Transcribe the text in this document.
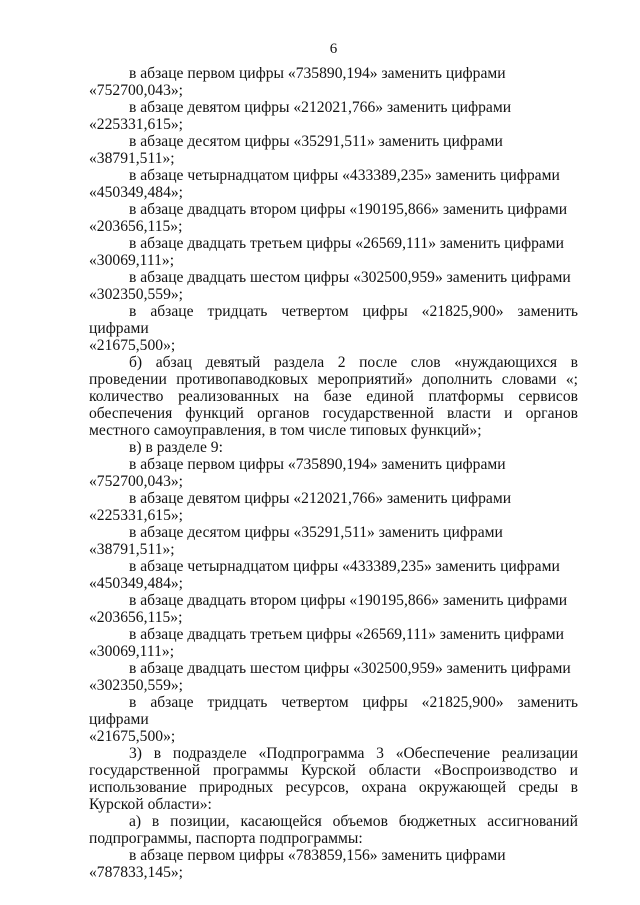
6

в абзаце первом цифры «735890,194» заменить цифрами
«752700,043»;

в абзаце девятом цифры «212021,766» заменить цифрами
«225331,615»;

в абзаце десятом цифры «35291,511» заменить цифрами «38791,511»;

в абзаце четырнадцатом цифры «433389,235» заменить цифрами
«450349,484»;

в абзаце двадцать втором цифры «190195,866» заменить цифрами
«203656,115»;

в абзаце двадцать третьем цифры «26569,111» заменить цифрами
«30069,111»;

в абзаце двадцать шестом цифры «302500,959» заменить цифрами
«302350,559»;

в абзаце тридцать четвертом цифры «21825,900» заменить цифрами
«21675,500»;

б) абзац девятый раздела 2 после слов «нуждающихся в проведении противопаводковых мероприятий» дополнить словами «; количество реализованных на базе единой платформы сервисов обеспечения функций органов государственной власти и органов местного самоуправления, в том числе типовых функций»;

в) в разделе 9:

в абзаце первом цифры «735890,194» заменить цифрами
«752700,043»;

в абзаце девятом цифры «212021,766» заменить цифрами
«225331,615»;

в абзаце десятом цифры «35291,511» заменить цифрами «38791,511»;

в абзаце четырнадцатом цифры «433389,235» заменить цифрами
«450349,484»;

в абзаце двадцать втором цифры «190195,866» заменить цифрами
«203656,115»;

в абзаце двадцать третьем цифры «26569,111» заменить цифрами
«30069,111»;

в абзаце двадцать шестом цифры «302500,959» заменить цифрами
«302350,559»;

в абзаце тридцать четвертом цифры «21825,900» заменить цифрами
«21675,500»;

3) в подразделе «Подпрограмма 3 «Обеспечение реализации государственной программы Курской области «Воспроизводство и использование природных ресурсов, охрана окружающей среды в Курской области»:

а) в позиции, касающейся объемов бюджетных ассигнований подпрограммы, паспорта подпрограммы:

в абзаце первом цифры «783859,156» заменить цифрами
«787833,145»;
